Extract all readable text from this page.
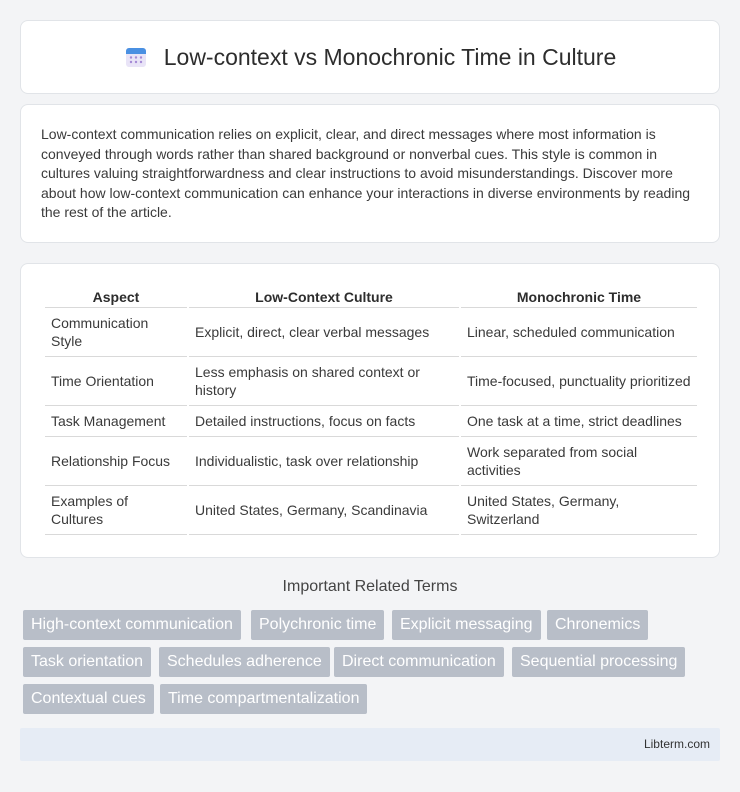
Low-context vs Monochronic Time in Culture

Low-context communication relies on explicit, clear, and direct messages where most information is conveyed through words rather than shared background or nonverbal cues. This style is common in cultures valuing straightforwardness and clear instructions to avoid misunderstandings. Discover more about how low-context communication can enhance your interactions in diverse environments by reading the rest of the article.

Aspect	Low-Context Culture	Monochronic Time
Communication Style	Explicit, direct, clear verbal messages	Linear, scheduled communication
Time Orientation	Less emphasis on shared context or history	Time-focused, punctuality prioritized
Task Management	Detailed instructions, focus on facts	One task at a time, strict deadlines
Relationship Focus	Individualistic, task over relationship	Work separated from social activities
Examples of Cultures	United States, Germany, Scandinavia	United States, Germany, Switzerland
Important Related Terms
High-context communication	Polychronic time	Explicit messaging	Chronemics
Task orientation	Schedules adherence	Direct communication	Sequential processing
Contextual cues	Time compartmentalization
Libterm.com
